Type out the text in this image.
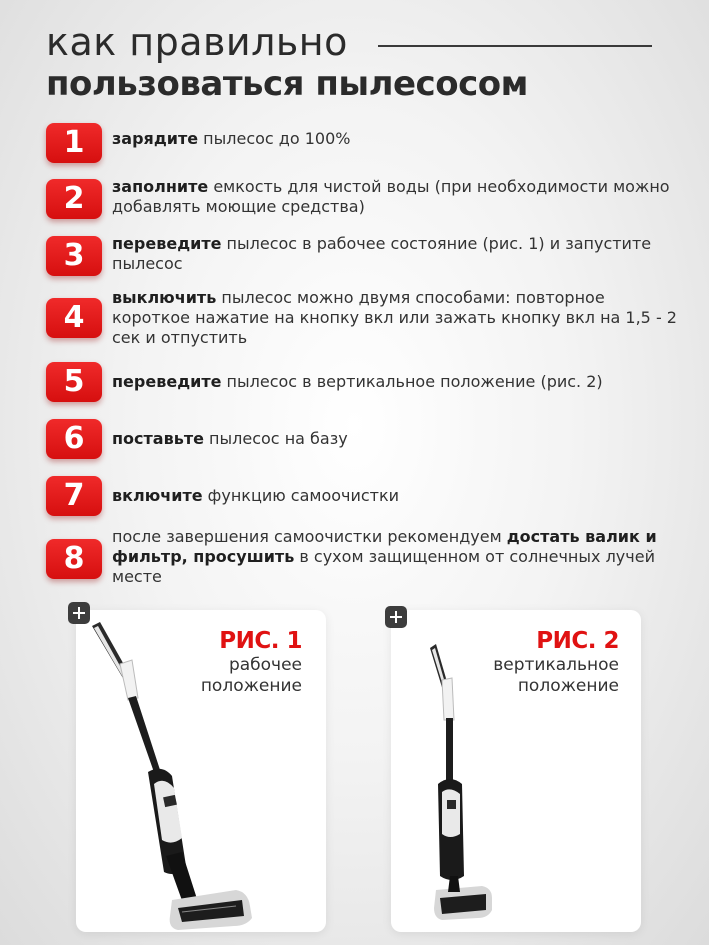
как правильно
пользоваться пылесосом
1	зарядите пылесос до 100%
2	заполните емкость для чистой воды (при необходимости можно добавлять моющие средства)
3	переведите пылесос в рабочее состояние (рис. 1) и запустите пылесос
4
выключить пылесос можно двумя способами: повторное короткое нажатие на кнопку вкл или зажать кнопку вкл на 1,5 - 2 сек и отпустить
5	переведите пылесос в вертикальное положение (рис. 2)
6	поставьте пылесос на базу
7	включите функцию самоочистки
8
после завершения самоочистки рекомендуем достать валик и фильтр, просушить в сухом защищенном от солнечных лучей месте
РИС. 1
рабочее
положение
РИС. 2
вертикальное
положение
